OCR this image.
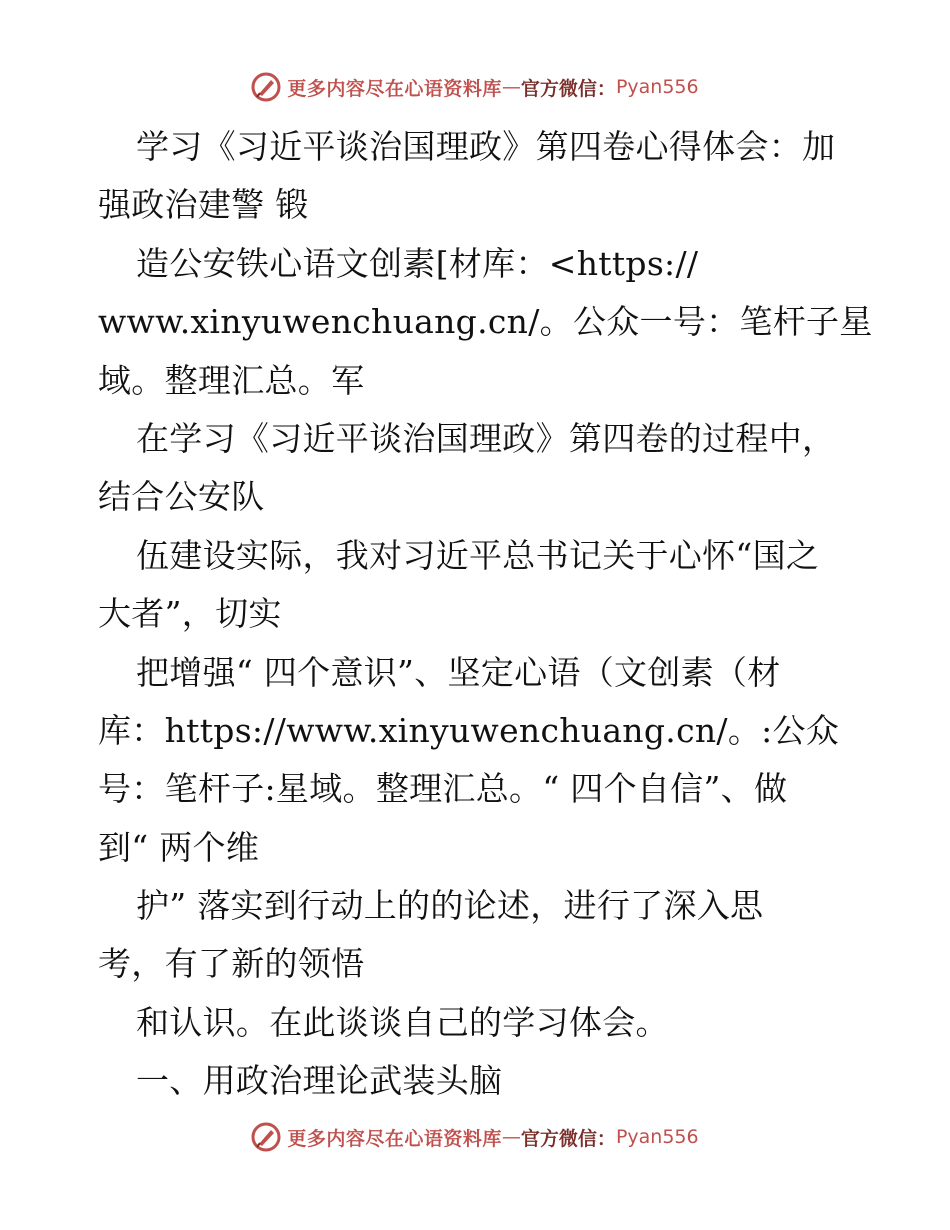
更多内容尽在心语资料库 — 官方微信： Pyan556
学习《习近平谈治国理政》第四卷心得体会：加
强政治建警 锻
造公安铁心语文创素[材库：<https://
www.xinyuwenchuang.cn/。公众一号：笔杆子星
域。整理汇总。军
在学习《习近平谈治国理政》第四卷的过程中，
结合公安队
伍建设实际，我对习近平总书记关于心怀“国之
大者”，切实
把增强“ 四个意识”、坚定心语（文创素（材
库：https://www.xinyuwenchuang.cn/。:公众
号：笔杆子:星域。整理汇总。“ 四个自信”、做
到“ 两个维
护” 落实到行动上的的论述，进行了深入思
考，有了新的领悟
和认识。在此谈谈自己的学习体会。
一、用政治理论武装头脑
更多内容尽在心语资料库 — 官方微信： Pyan556
